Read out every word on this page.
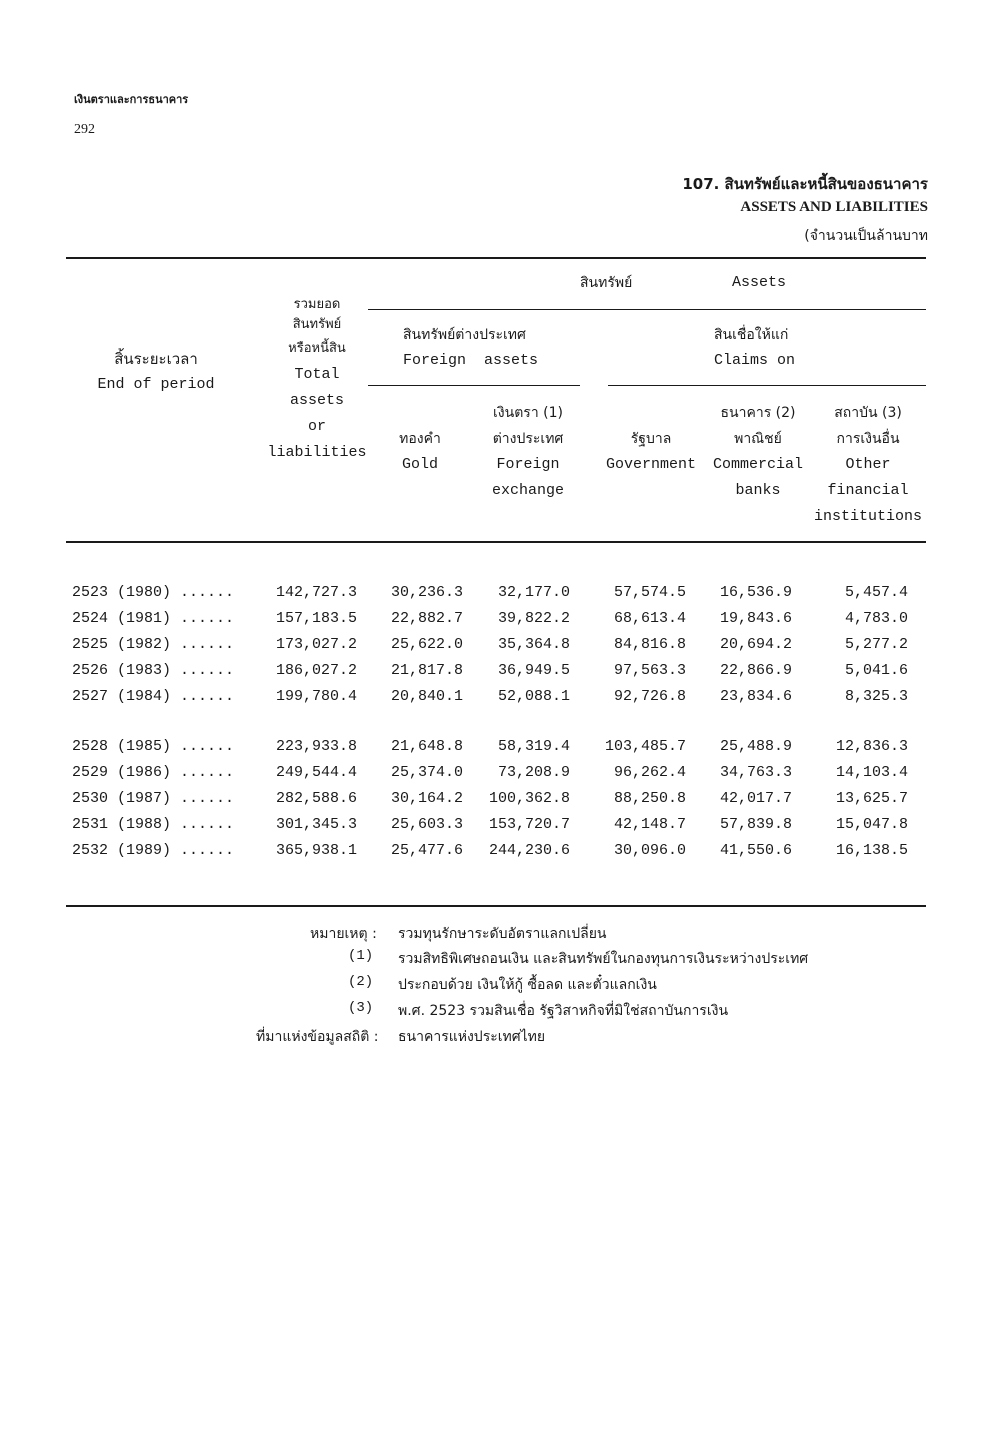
เงินตราและการธนาคาร
292
107. สินทรัพย์และหนี้สินของธนาคาร
ASSETS AND LIABILITIES
(จำนวนเป็นล้านบาท
สิ้นระยะเวลา
End of period
รวมยอด
สินทรัพย์
หรือหนี้สิน
Total
assets
or
liabilities
สินทรัพย์	Assets
สินทรัพย์ต่างประเทศ
Foreign  assets
สินเชื่อให้แก่
Claims on
ทองคำ
Gold
เงินตรา (1)
ต่างประเทศ
Foreign
exchange
รัฐบาล
Government
ธนาคาร (2)
พาณิชย์
Commercial
banks
สถาบัน (3)
การเงินอื่น
Other
financial
institutions
2523 (1980) ......	142,727.3 30,236.3 32,177.0	57,574.5 16,536.9	5,457.4
2524 (1981) ......	157,183.5 22,882.7 39,822.2	68,613.4 19,843.6	4,783.0
2525 (1982) ......	173,027.2 25,622.0 35,364.8	84,816.8 20,694.2	5,277.2
2526 (1983) ......	186,027.2 21,817.8 36,949.5	97,563.3 22,866.9	5,041.6
2527 (1984) ......	199,780.4 20,840.1 52,088.1	92,726.8 23,834.6	8,325.3
2528 (1985) ......	223,933.8 21,648.8 58,319.4 103,485.7 25,488.9	12,836.3
2529 (1986) ......	249,544.4 25,374.0 73,208.9	96,262.4 34,763.3	14,103.4
2530 (1987) ......	282,588.6 30,164.2 100,362.8	88,250.8 42,017.7	13,625.7
2531 (1988) ......	301,345.3 25,603.3 153,720.7	42,148.7 57,839.8	15,047.8
2532 (1989) ......	365,938.1 25,477.6 244,230.6	30,096.0 41,550.6	16,138.5
หมายเหตุ : รวมทุนรักษาระดับอัตราแลกเปลี่ยน
(1) รวมสิทธิพิเศษถอนเงิน และสินทรัพย์ในกองทุนการเงินระหว่างประเทศ
(2) ประกอบด้วย เงินให้กู้ ซื้อลด และตั๋วแลกเงิน
(3) พ.ศ. 2523 รวมสินเชื่อ รัฐวิสาหกิจที่มิใช่สถาบันการเงิน
ที่มาแห่งข้อมูลสถิติ : ธนาคารแห่งประเทศไทย
